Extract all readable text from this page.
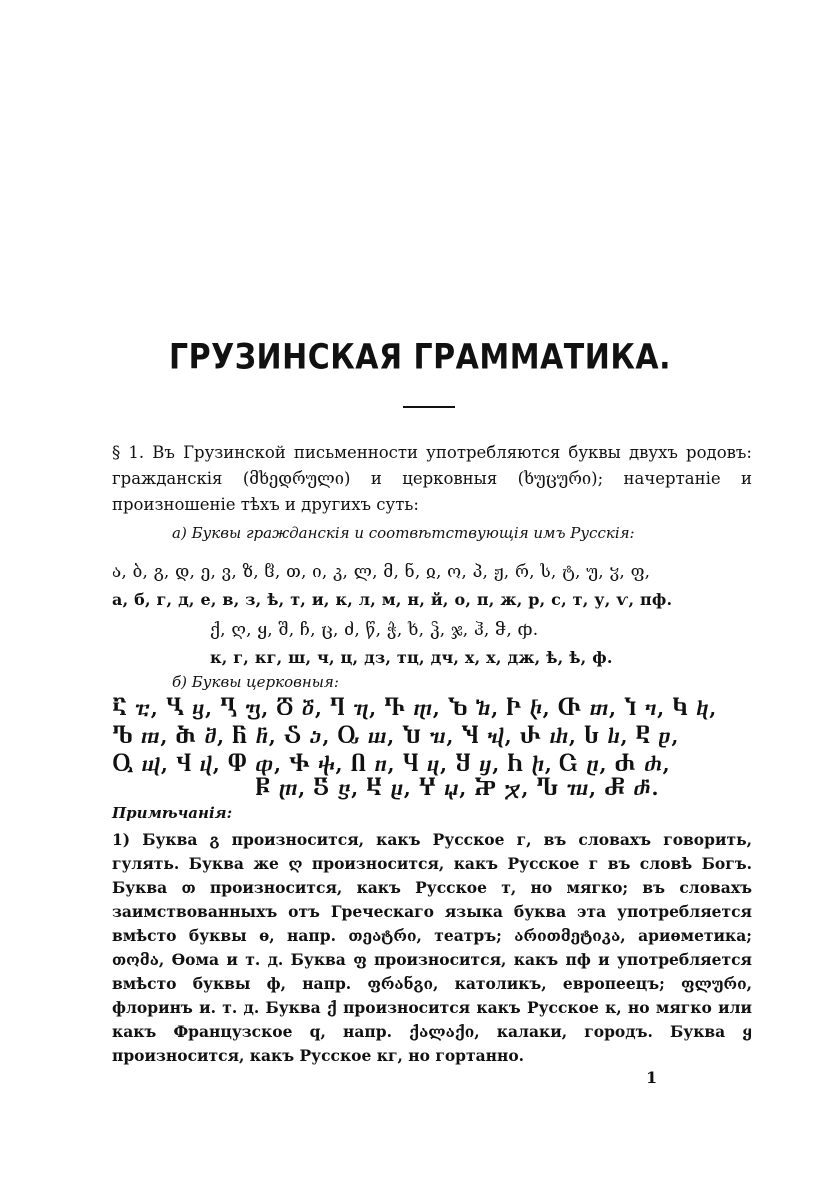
ГРУЗИНСКАЯ ГРАММАТИКА.

§ 1. Въ Грузинской письменности употребляются буквы двухъ родовъ: гражданскія (მხედრული) и церковныя (ხუცური); начертаніе и произношеніе тѣхъ и другихъ суть:

а) Буквы гражданскія и соотвѣтствующія имъ Русскія:
ა, ბ, გ, დ, ე, ვ, ზ, ჱ, თ, ი, კ, ლ, მ, ნ, ჲ, ო, პ, ჟ, რ, ს, ტ, უ, ჳ, ფ,
а, б, г, д, е, в, з, ѣ, т, и, к, л, м, н, й, о, п, ж, р, с, т, у, ѵ, пф.
ქ, ღ, ყ, შ, ჩ, ც, ძ, წ, ჭ, ხ, ჴ, ჯ, ჰ, ჵ, ჶ.
к, г, кг, ш, ч, ц, дз, тц, дч, х, х, дж, ѣ, ѣ, ф.
б) Буквы церковныя:
Ⴀ ⴀ, Ⴁ ⴁ, Ⴂ ⴂ, Ⴃ ⴃ, Ⴄ ⴄ, Ⴅ ⴅ, Ⴆ ⴆ, Ⴡ ⴡ, Ⴇ ⴇ, Ⴈ ⴈ, Ⴉ ⴉ,
Ⴊ ⴊ, Ⴋ ⴋ, Ⴌ ⴌ, Ⴢ ⴢ, Ⴍ ⴍ, Ⴎ ⴎ, Ⴏ ⴏ, Ⴐ ⴐ, Ⴑ ⴑ, Ⴒ ⴒ,
Ⴓ ⴓ, Ⴣ ⴣ, Ⴔ ⴔ, Ⴕ ⴕ, Ⴖ ⴖ, Ⴗ ⴗ, Ⴘ ⴘ, Ⴙ ⴙ, Ⴚ ⴚ, Ⴛ ⴛ,
Ⴜ ⴜ, Ⴝ ⴝ, Ⴞ ⴞ, Ⴤ ⴤ, Ⴟ ⴟ, Ⴠ ⴠ, Ⴥ ⴥ.
Примѣчанія:

1) Буква გ произносится, какъ Русское г, въ словахъ говорить, гулять. Буква же ღ произносится, какъ Русское г въ словѣ Богъ. Буква თ произносится, какъ Русское т, но мягко; въ словахъ заимствованныхъ отъ Греческаго языка буква эта употребляется вмѣсто буквы ѳ, напр. თეატრი, театръ; არითმეტიკა, ариѳметика; თომა, Ѳома и т. д. Буква ფ произносится, какъ пф и употребляется вмѣсто буквы ф, напр. ფრანგი, католикъ, европеецъ; ფლური, флоринъ и. т. д. Буква ქ произносится какъ Русское к, но мягко или какъ Французское q, напр. ქალაქი, калаки, городъ. Буква ყ произносится, какъ Русское кг, но гортанно.

1
